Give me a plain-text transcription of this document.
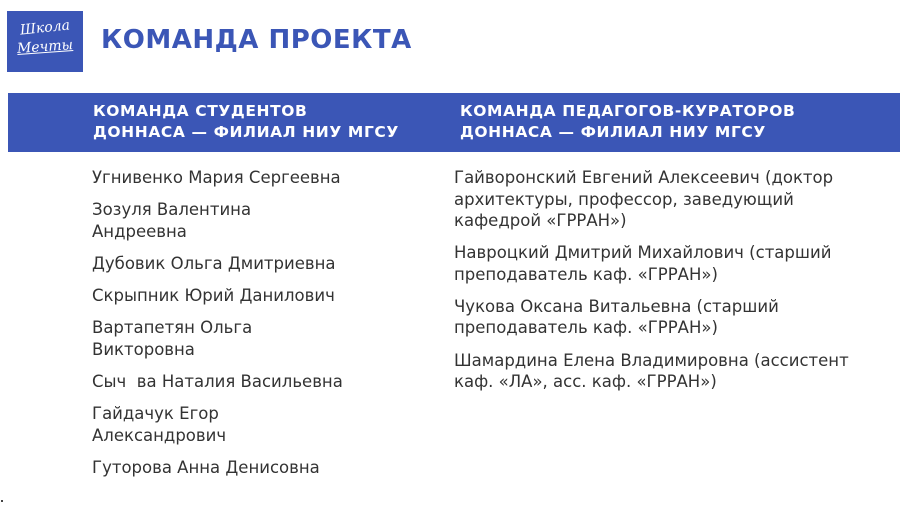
Школа
Мечты	КОМАНДА ПРОЕКТА
КОМАНДА СТУДЕНТОВ
ДОННАСА — ФИЛИАЛ НИУ МГСУ
КОМАНДА ПЕДАГОГОВ-КУРАТОРОВ
ДОННАСА — ФИЛИАЛ НИУ МГСУ
Угнивенко Мария Сергеевна
Зозуля Валентина
Андреевна
Дубовик Ольга Дмитриевна
Скрыпник Юрий Данилович
Вартапетян Ольга
Викторовна
Сыч  ва Наталия Васильевна
Гайдачук Егор
Александрович
Гуторова Анна Денисовна
Гайворонский Евгений Алексеевич (доктор
архитектуры, профессор, заведующий
кафедрой «ГРРАН»)
Навроцкий Дмитрий Михайлович (старший
преподаватель каф. «ГРРАН»)
Чукова Оксана Витальевна (старший
преподаватель каф. «ГРРАН»)
Шамардина Елена Владимировна (ассистент
каф. «ЛА», асс. каф. «ГРРАН»)
